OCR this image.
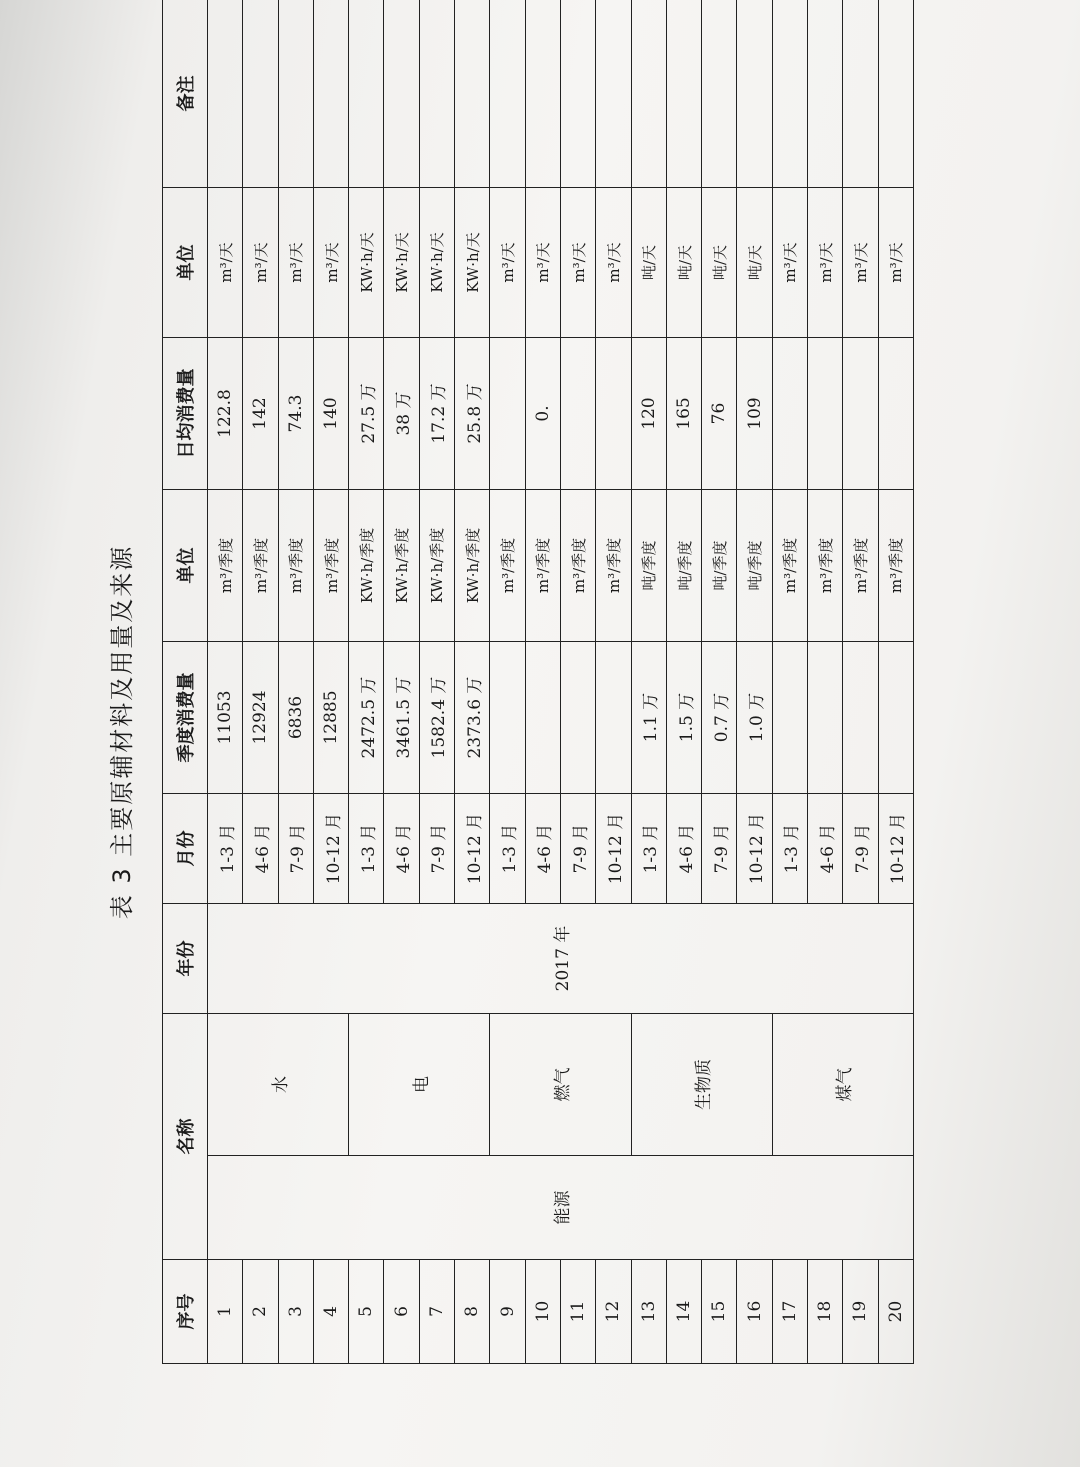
表 3 主要原辅材料及用量及来源
序号	名称		年份	月份	季度消费量	单位	日均消费量	单位	备注
1	能源	水	2017 年	1-3 月	11053	m³/季度	122.8	m³/天	
2				4-6 月	12924	m³/季度	142	m³/天	
3				7-9 月	6836	m³/季度	74.3	m³/天	
4				10-12 月	12885	m³/季度	140	m³/天	
5		电		1-3 月	2472.5 万	KW·h/季度	27.5 万	KW·h/天	
6				4-6 月	3461.5 万	KW·h/季度	38 万	KW·h/天	
7				7-9 月	1582.4 万	KW·h/季度	17.2 万	KW·h/天	
8				10-12 月	2373.6 万	KW·h/季度	25.8 万	KW·h/天	
9		燃气		1-3 月		m³/季度		m³/天	
10				4-6 月		m³/季度	0.	m³/天	
11				7-9 月		m³/季度		m³/天	
12				10-12 月		m³/季度		m³/天	
13		生物质		1-3 月	1.1 万	吨/季度	120	吨/天	
14				4-6 月	1.5 万	吨/季度	165	吨/天	
15				7-9 月	0.7 万	吨/季度	76	吨/天	
16				10-12 月	1.0 万	吨/季度	109	吨/天	
17		煤气		1-3 月		m³/季度		m³/天	
18				4-6 月		m³/季度		m³/天	
19				7-9 月		m³/季度		m³/天	
20				10-12 月		m³/季度		m³/天	
